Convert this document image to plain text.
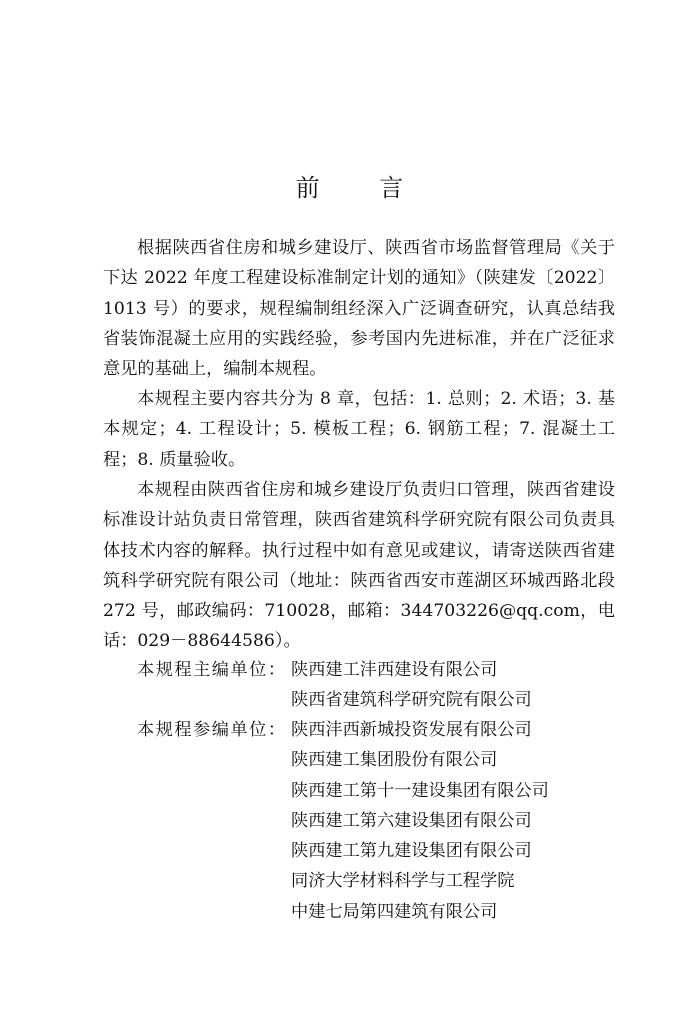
前 言

根据陕西省住房和城乡建设厅、陕西省市场监督管理局《关于下达 2022 年度工程建设标准制定计划的通知》（陕建发〔2022〕1013 号）的要求，规程编制组经深入广泛调查研究，认真总结我省装饰混凝土应用的实践经验，参考国内先进标准，并在广泛征求意见的基础上，编制本规程。

本规程主要内容共分为 8 章，包括：1. 总则；2. 术语；3. 基本规定；4. 工程设计；5. 模板工程；6. 钢筋工程；7. 混凝土工程；8. 质量验收。

本规程由陕西省住房和城乡建设厅负责归口管理，陕西省建设标准设计站负责日常管理，陕西省建筑科学研究院有限公司负责具体技术内容的解释。执行过程中如有意见或建议，请寄送陕西省建筑科学研究院有限公司（地址：陕西省西安市莲湖区环城西路北段 272 号，邮政编码：710028，邮箱：344703226@qq.com，电话：029－88644586）。

本规程主编单位： 陕西建工沣西建设有限公司
陕西省建筑科学研究院有限公司
本规程参编单位： 陕西沣西新城投资发展有限公司
陕西建工集团股份有限公司
陕西建工第十一建设集团有限公司
陕西建工第六建设集团有限公司
陕西建工第九建设集团有限公司
同济大学材料科学与工程学院
中建七局第四建筑有限公司
